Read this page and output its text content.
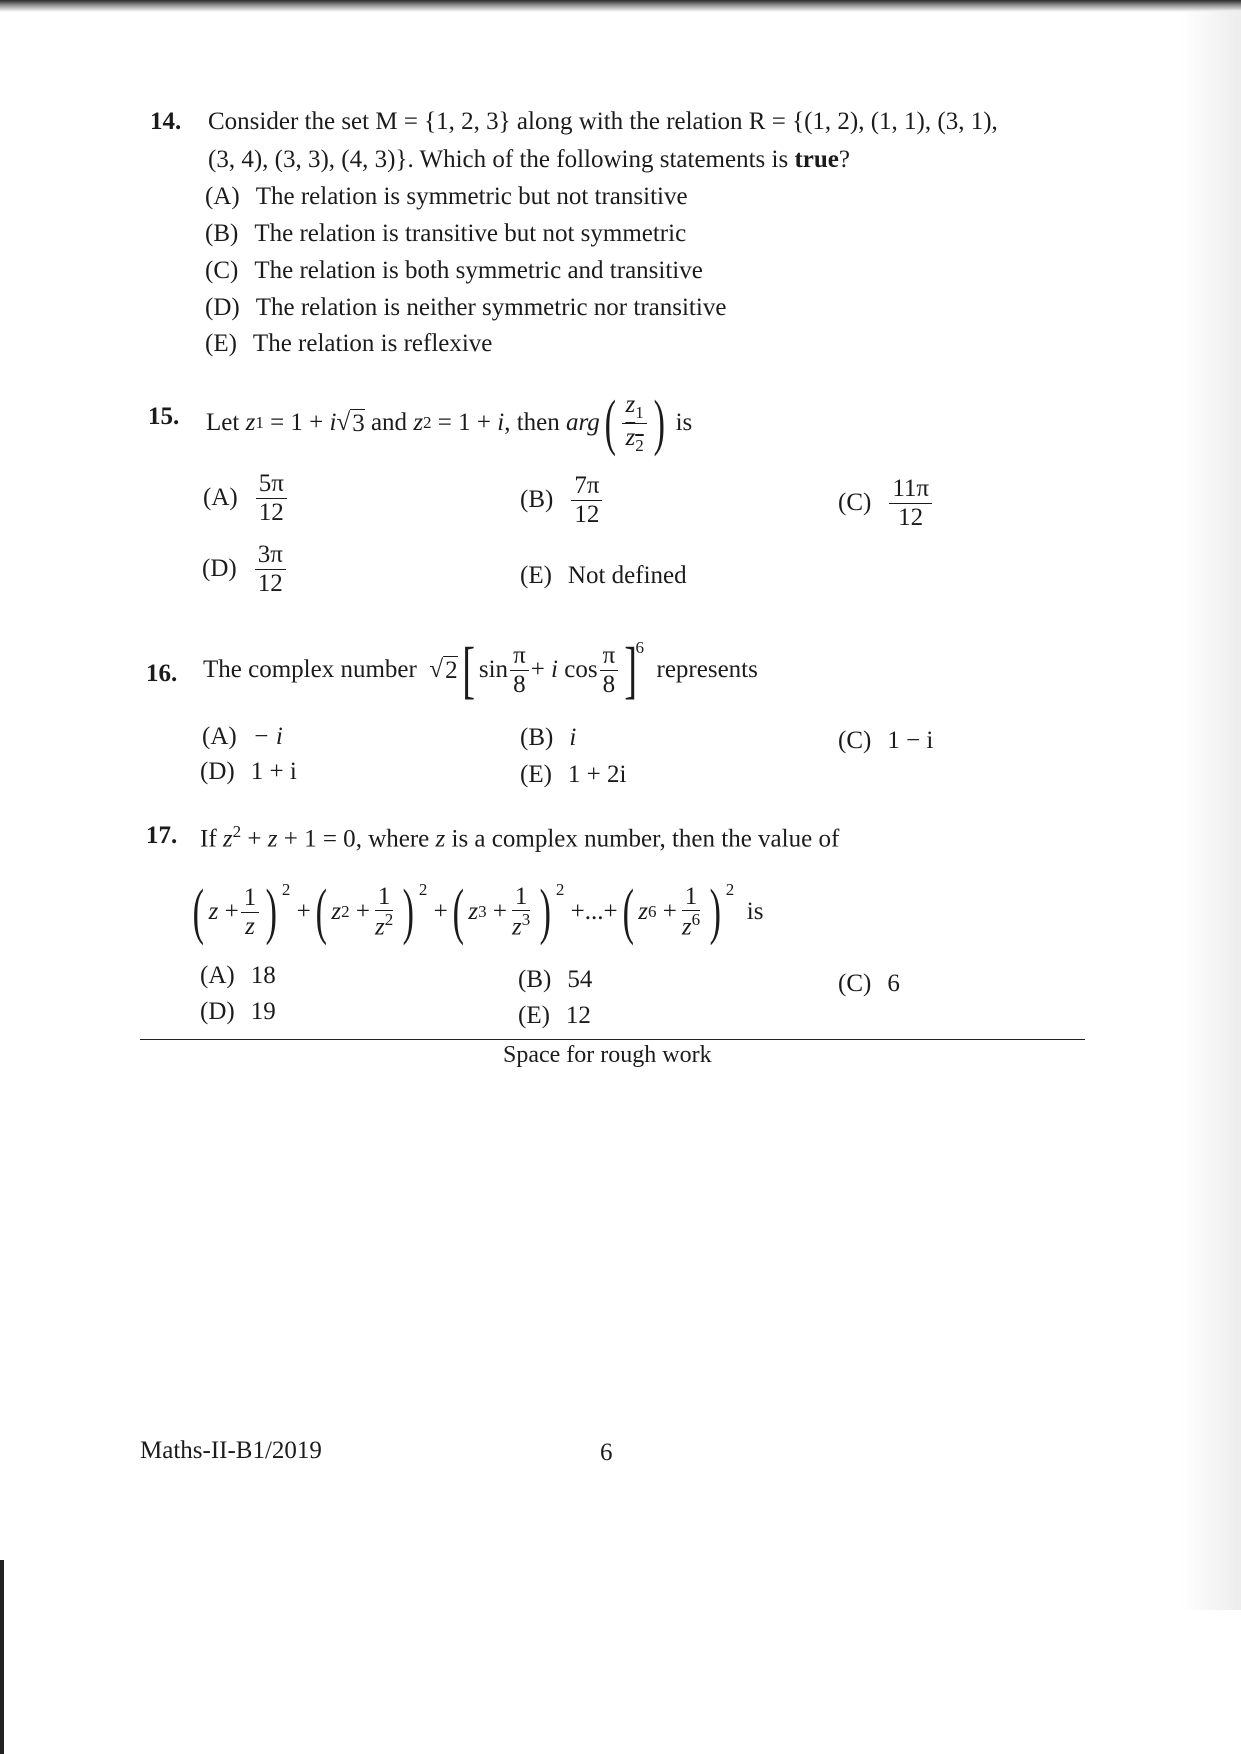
14. Consider the set M = {1, 2, 3} along with the relation R = {(1, 2), (1, 1), (3, 1),
(3, 4), (3, 3), (4, 3)}. Which of the following statements is true?
(A) The relation is symmetric but not transitive
(B) The relation is transitive but not symmetric
(C) The relation is both symmetric and transitive
(D) The relation is neither symmetric nor transitive
(E) The relation is reflexive
15. Let
z 1 = 1 + i √ 3
and
z 2 = 1 + i , then arg ( $\frac{z_1}{z_2}$ )
is
$(A) \frac{5\pi}{12}$	$(B) \frac{7\pi}{12}$	$(C) \frac{11\pi}{12}$
$(D) \frac{3\pi}{12}$	(E) Not defined
16. The complex number √ 2 [ $\sin \frac{\pi}{8} + i$ $\cos \frac{\pi}{8}$ ]
6

represents
(A) − i	(B) i	(C) 1 − i
(D) 1 + i	(E) 1 + 2i
17. If $z^2 + z + 1 = 0$, where z is a complex number, then the value of
( $z + \frac{1}{z}$ ) 2
+ ( z $2 + \frac{1}{z^2}$ ) 2
+ ( z $3 + \frac{1}{z^3}$ ) 2
+...+ ( z $6 + \frac{1}{z^6}$ ) 2

is
(A) 18	(B) 54	(C) 6
(D) 19	(E) 12
Space for rough work
Maths-II-B1/2019	6
